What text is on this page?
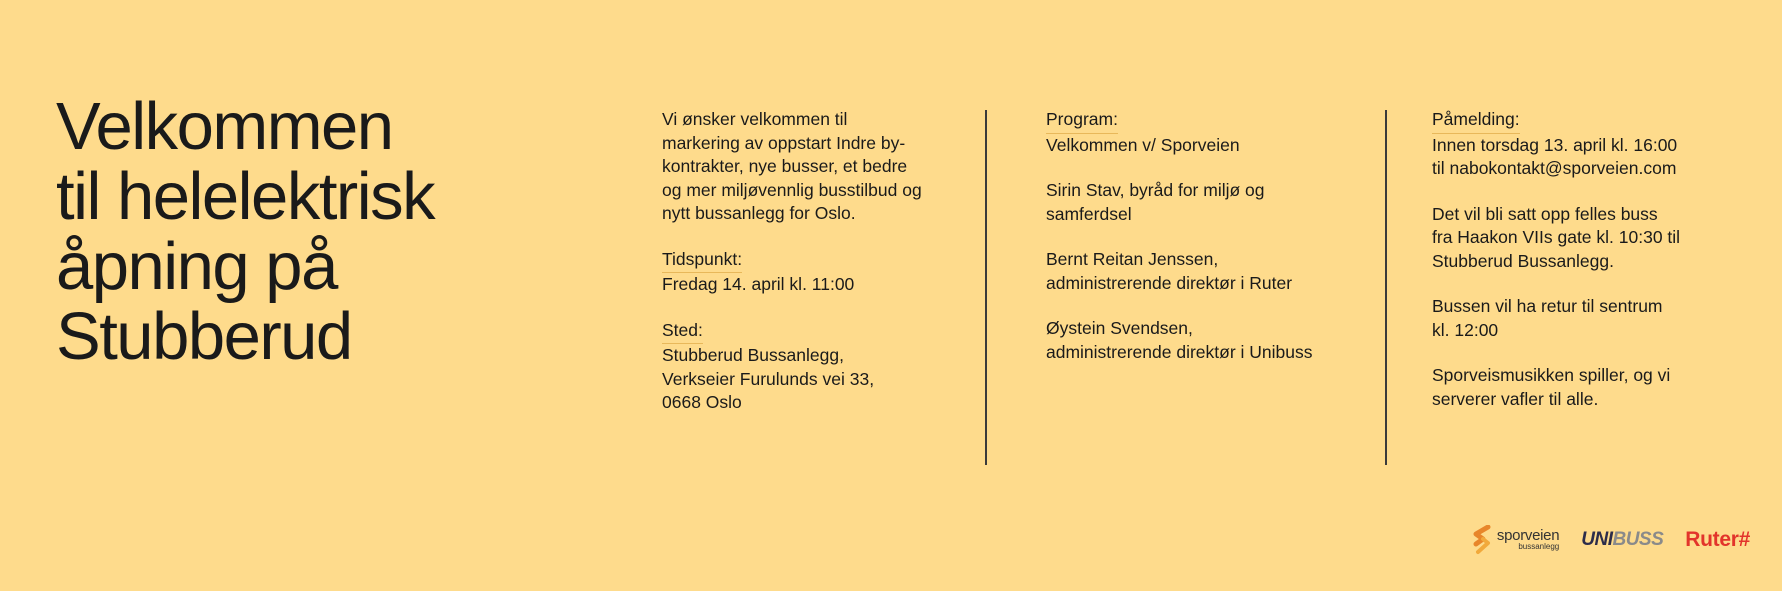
Velkommen
til helelektrisk
åpning på
Stubberud

Vi ønsker velkommen til
markering av oppstart Indre by-
kontrakter, nye busser, et bedre
og mer miljøvennlig busstilbud og
nytt bussanlegg for Oslo.

Tidspunkt:
Fredag 14. april kl. 11:00

Sted:
Stubberud Bussanlegg,
Verkseier Furulunds vei 33,
0668 Oslo

Program:
Velkommen v/ Sporveien

Sirin Stav, byråd for miljø og
samferdsel

Bernt Reitan Jenssen,
administrerende direktør i Ruter

Øystein Svendsen,
administrerende direktør i Unibuss

Påmelding:
Innen torsdag 13. april kl. 16:00
til nabokontakt@sporveien.com

Det vil bli satt opp felles buss
fra Haakon VIIs gate kl. 10:30 til
Stubberud Bussanlegg.

Bussen vil ha retur til sentrum
kl. 12:00

Sporveismusikken spiller, og vi
serverer vafler til alle.

sporveien
bussanlegg UNIBUSS Ruter#
